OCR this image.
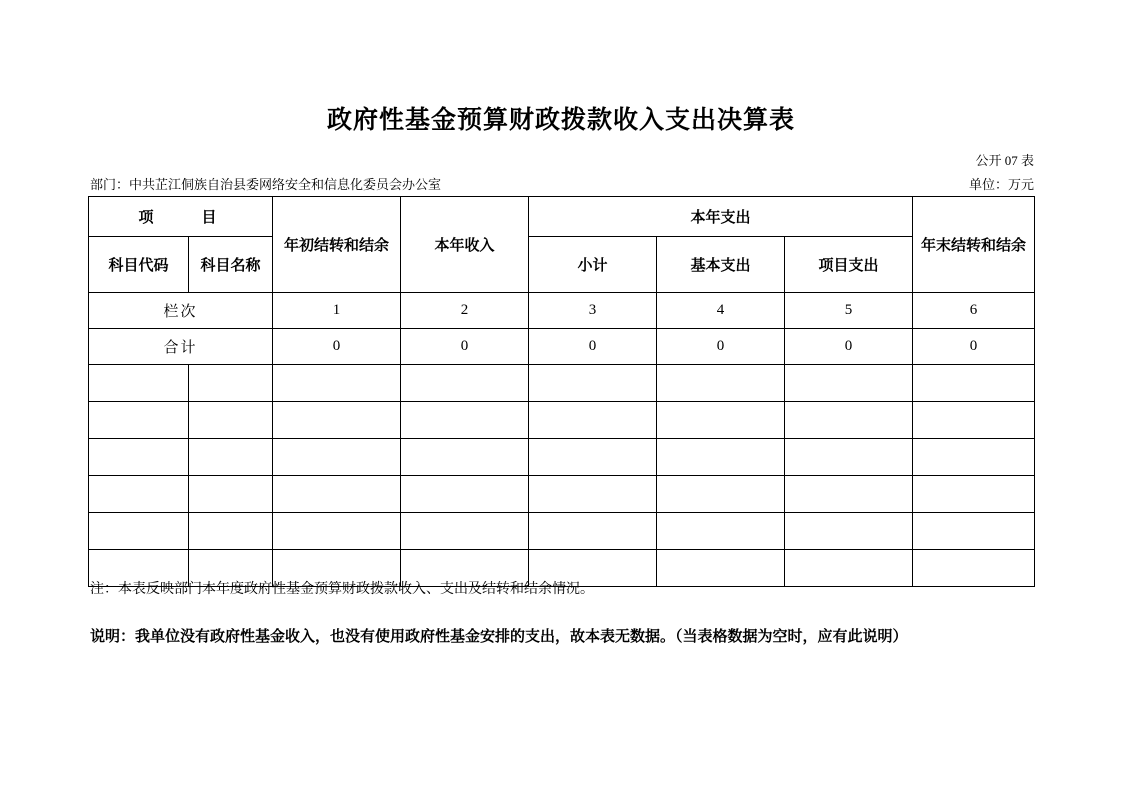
政府性基金预算财政拨款收入支出决算表
公开 07 表
单位：万元
部门：中共芷江侗族自治县委网络安全和信息化委员会办公室
项　　目		年初结转和结余	本年收入	本年支出			年末结转和结余
科目代码	科目名称			小计	基本支出	项目支出	
栏次		1	2	3	4	5	6
合计		0	0	0	0	0	0

注：本表反映部门本年度政府性基金预算财政拨款收入、支出及结转和结余情况。
说明：我单位没有政府性基金收入，也没有使用政府性基金安排的支出，故本表无数据。（当表格数据为空时，应有此说明）
